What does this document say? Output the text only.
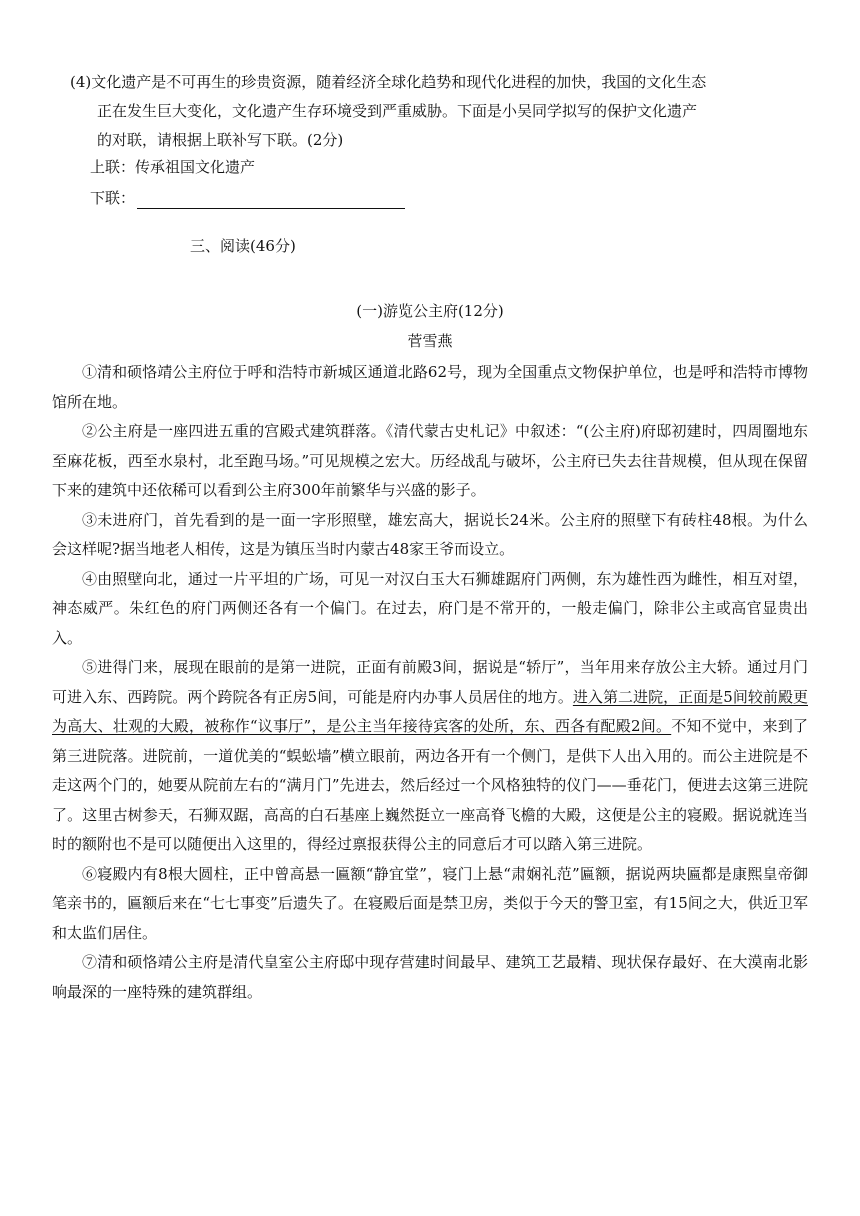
(4)文化遗产是不可再生的珍贵资源，随着经济全球化趋势和现代化进程的加快，我国的文化生态
正在发生巨大变化，文化遗产生存环境受到严重威胁。下面是小吴同学拟写的保护文化遗产
的对联，请根据上联补写下联。(2分)
上联：传承祖国文化遗产
下联：
三、阅读(46分)
(一)游览公主府(12分)
菅雪燕

①清和硕恪靖公主府位于呼和浩特市新城区通道北路62号，现为全国重点文物保护单位，也是呼和浩特市博物馆所在地。

②公主府是一座四进五重的宫殿式建筑群落。《清代蒙古史札记》中叙述：“(公主府)府邸初建时，四周圈地东至麻花板，西至水泉村，北至跑马场。”可见规模之宏大。历经战乱与破坏，公主府已失去往昔规模，但从现在保留下来的建筑中还依稀可以看到公主府300年前繁华与兴盛的影子。

③未进府门，首先看到的是一面一字形照壁，雄宏高大，据说长24米。公主府的照壁下有砖柱48根。为什么会这样呢?据当地老人相传，这是为镇压当时内蒙古48家王爷而设立。

④由照壁向北，通过一片平坦的广场，可见一对汉白玉大石狮雄踞府门两侧，东为雄性西为雌性，相互对望，神态威严。朱红色的府门两侧还各有一个偏门。在过去，府门是不常开的，一般走偏门，除非公主或高官显贵出入。

⑤进得门来，展现在眼前的是第一进院，正面有前殿3间，据说是“轿厅”，当年用来存放公主大轿。通过月门可进入东、西跨院。两个跨院各有正房5间，可能是府内办事人员居住的地方。进入第二进院，正面是5间较前殿更为高大、壮观的大殿，被称作“议事厅”，是公主当年接待宾客的处所，东、西各有配殿2间。不知不觉中，来到了第三进院落。进院前，一道优美的“蜈蚣墙”横立眼前，两边各开有一个侧门，是供下人出入用的。而公主进院是不走这两个门的，她要从院前左右的“满月门”先进去，然后经过一个风格独特的仪门——垂花门，便进去这第三进院了。这里古树参天，石狮双踞，高高的白石基座上巍然挺立一座高脊飞檐的大殿，这便是公主的寝殿。据说就连当时的额附也不是可以随便出入这里的，得经过禀报获得公主的同意后才可以踏入第三进院。

⑥寝殿内有8根大圆柱，正中曾高悬一匾额“静宜堂”，寝门上悬“肃娴礼范”匾额，据说两块匾都是康熙皇帝御笔亲书的，匾额后来在“七七事变”后遗失了。在寝殿后面是禁卫房，类似于今天的警卫室，有15间之大，供近卫军和太监们居住。

⑦清和硕恪靖公主府是清代皇室公主府邸中现存营建时间最早、建筑工艺最精、现状保存最好、在大漠南北影响最深的一座特殊的建筑群组。
